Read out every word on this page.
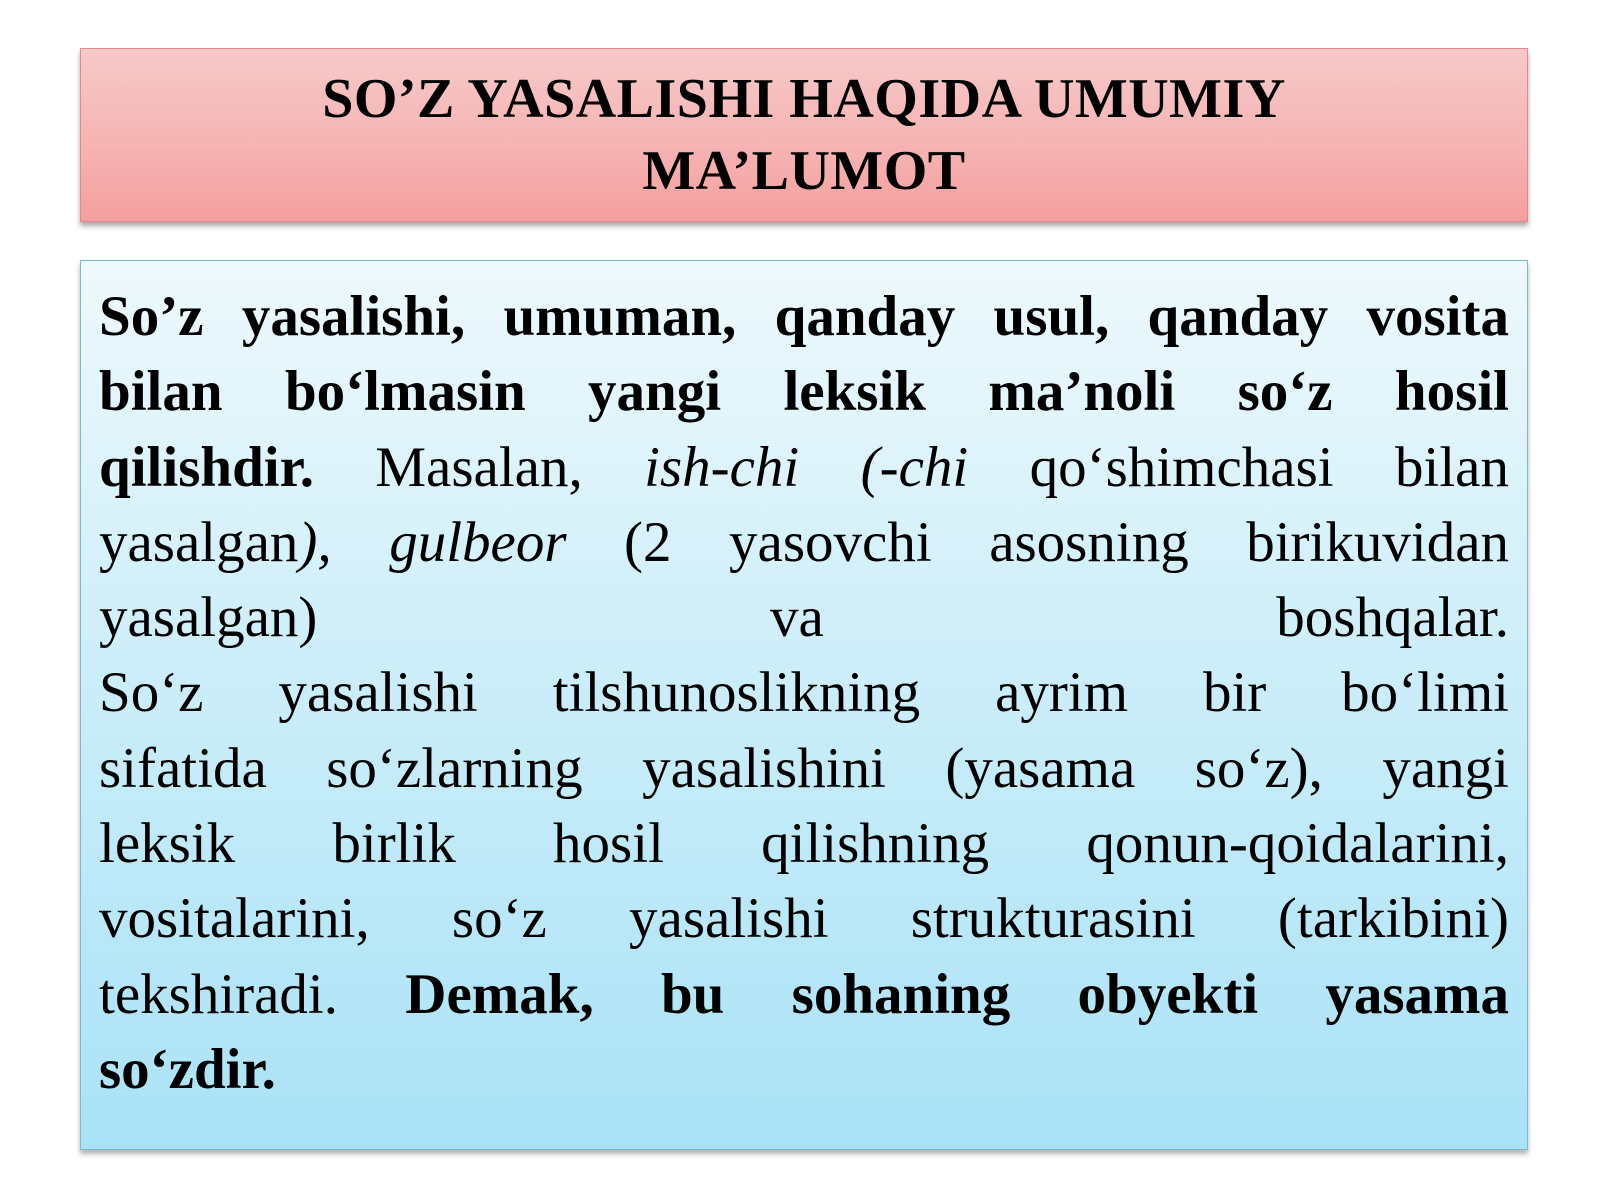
SO’Z YASALISHI HAQIDA UMUMIY
MA’LUMOT
So’z yasalishi, umuman, qanday usul, qanday vosita
bilan bo‘lmasin yangi leksik ma’noli so‘z hosil
qilishdir. Masalan, ish-chi (-chi qo‘shimchasi bilan
yasalgan), gulbeor (2 yasovchi asosning birikuvidan
yasalgan) va boshqalar.
So‘z yasalishi tilshunoslikning ayrim bir bo‘limi
sifatida so‘zlarning yasalishini (yasama so‘z), yangi
leksik birlik hosil qilishning qonun-qoidalarini,
vositalarini, so‘z yasalishi strukturasini (tarkibini)
tekshiradi. Demak, bu sohaning obyekti yasama
so‘zdir.
